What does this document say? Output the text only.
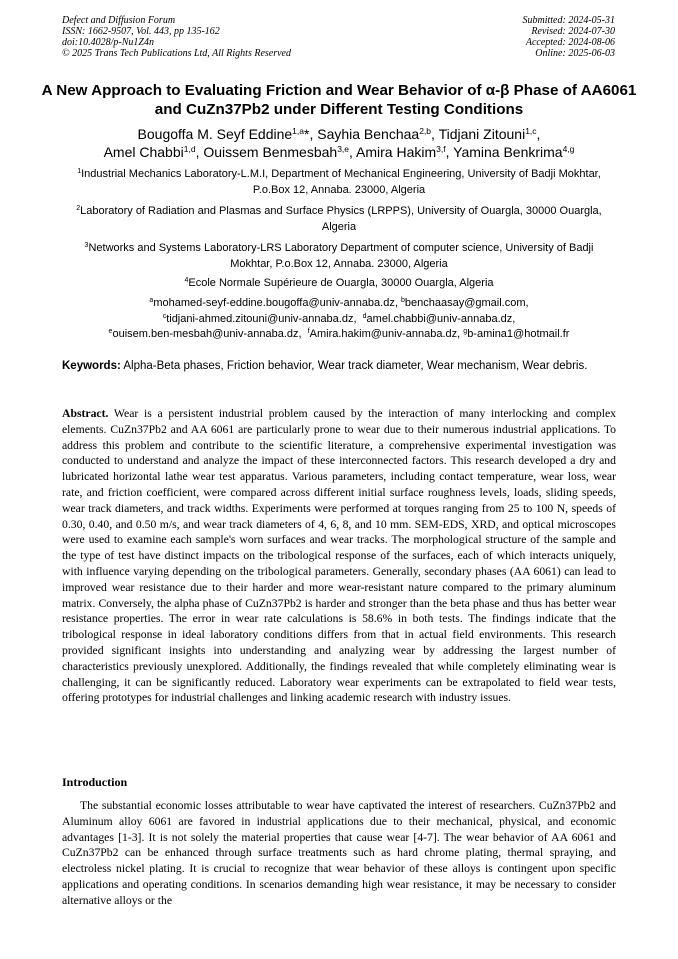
Defect and Diffusion Forum
ISSN: 1662-9507, Vol. 443, pp 135-162
doi:10.4028/p-Nu1Z4n
© 2025 Trans Tech Publications Ltd, All Rights Reserved
Submitted: 2024-05-31
Revised: 2024-07-30
Accepted: 2024-08-06
Online: 2025-06-03
A New Approach to Evaluating Friction and Wear Behavior of α-β Phase of AA6061 and CuZn37Pb2 under Different Testing Conditions
Bougoffa M. Seyf Eddine$^{1,a}$*, Sayhia Benchaa$^{2,b}$, Tidjani Zitouni$^{1,c}$,
Amel Chabbi$^{1,d}$, Ouissem Benmesbah$^{3,e}$, Amira Hakim$^{3,f}$, Yamina Benkrima$^{4,g}$
$^1$Industrial Mechanics Laboratory-L.M.I, Department of Mechanical Engineering, University of Badji Mokhtar, P.o.Box 12, Annaba. 23000, Algeria
$^2$Laboratory of Radiation and Plasmas and Surface Physics (LRPPS), University of Ouargla, 30000 Ouargla, Algeria
$^3$Networks and Systems Laboratory-LRS Laboratory Department of computer science, University of Badji Mokhtar, P.o.Box 12, Annaba. 23000, Algeria
$^4$Ecole Normale Supérieure de Ouargla, 30000 Ouargla, Algeria
$^a$mohamed-seyf-eddine.bougoffa@univ-annaba.dz, $^b$benchaasay@gmail.com,
$^c$tidjani-ahmed.zitouni@univ-annaba.dz,  $^d$amel.chabbi@univ-annaba.dz,
$^e$ouisem.ben-mesbah@univ-annaba.dz,  $^f$Amira.hakim@univ-annaba.dz, $^g$b-amina1@hotmail.fr
Keywords: Alpha-Beta phases, Friction behavior, Wear track diameter, Wear mechanism, Wear debris.

Abstract. Wear is a persistent industrial problem caused by the interaction of many interlocking and complex elements. CuZn37Pb2 and AA 6061 are particularly prone to wear due to their numerous industrial applications. To address this problem and contribute to the scientific literature, a comprehensive experimental investigation was conducted to understand and analyze the impact of these interconnected factors. This research developed a dry and lubricated horizontal lathe wear test apparatus. Various parameters, including contact temperature, wear loss, wear rate, and friction coefficient, were compared across different initial surface roughness levels, loads, sliding speeds, wear track diameters, and track widths. Experiments were performed at torques ranging from 25 to 100 N, speeds of 0.30, 0.40, and 0.50 m/s, and wear track diameters of 4, 6, 8, and 10 mm. SEM-EDS, XRD, and optical microscopes were used to examine each sample's worn surfaces and wear tracks. The morphological structure of the sample and the type of test have distinct impacts on the tribological response of the surfaces, each of which interacts uniquely, with influence varying depending on the tribological parameters. Generally, secondary phases (AA 6061) can lead to improved wear resistance due to their harder and more wear-resistant nature compared to the primary aluminum matrix. Conversely, the alpha phase of CuZn37Pb2 is harder and stronger than the beta phase and thus has better wear resistance properties. The error in wear rate calculations is 58.6% in both tests. The findings indicate that the tribological response in ideal laboratory conditions differs from that in actual field environments. This research provided significant insights into understanding and analyzing wear by addressing the largest number of characteristics previously unexplored. Additionally, the findings revealed that while completely eliminating wear is challenging, it can be significantly reduced. Laboratory wear experiments can be extrapolated to field wear tests, offering prototypes for industrial challenges and linking academic research with industry issues.

Introduction

The substantial economic losses attributable to wear have captivated the interest of researchers. CuZn37Pb2 and Aluminum alloy 6061 are favored in industrial applications due to their mechanical, physical, and economic advantages [1-3]. It is not solely the material properties that cause wear [4-7]. The wear behavior of AA 6061 and CuZn37Pb2 can be enhanced through surface treatments such as hard chrome plating, thermal spraying, and electroless nickel plating. It is crucial to recognize that wear behavior of these alloys is contingent upon specific applications and operating conditions. In scenarios demanding high wear resistance, it may be necessary to consider alternative alloys or the
